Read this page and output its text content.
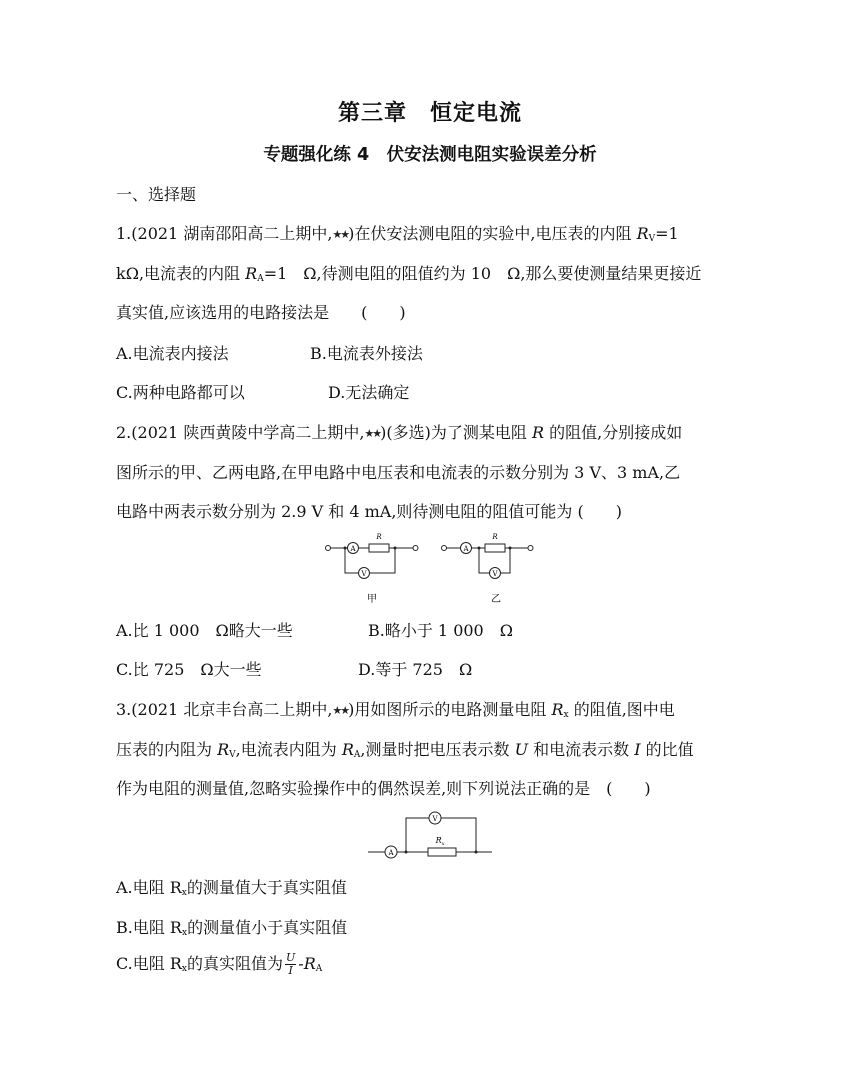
第三章　恒定电流
专题强化练 4　伏安法测电阻实验误差分析
一、选择题
1.(2021 湖南邵阳高二上期中,★★)在伏安法测电阻的实验中,电压表的内阻 $R_V=1$
kΩ,电流表的内阻 $R_A=1$　Ω,待测电阻的阻值约为 10　Ω,那么要使测量结果更接近
真实值,应该选用的电路接法是　　(　　)
A.电流表内接法	B.电流表外接法
C.两种电路都可以	D.无法确定
2.(2021 陕西黄陵中学高二上期中,★★)(多选)为了测某电阻 R 的阻值,分别接成如
图所示的甲、乙两电路,在甲电路中电压表和电流表的示数分别为 3 V、3 mA,乙
电路中两表示数分别为 2.9 V 和 4 mA,则待测电阻的阻值可能为 (　　)
A
R
V
甲
A
R
V
乙
A.比 1 000　Ω略大一些	B.略小于 1 000　Ω
C.比 725　Ω大一些	D.等于 725　Ω
3.(2021 北京丰台高二上期中,★★)用如图所示的电路测量电阻 $R_x$ 的阻值,图中电
压表的内阻为 $R_V$,电流表内阻为 $R_A$,测量时把电压表示数 U 和电流表示数 I 的比值
作为电阻的测量值,忽略实验操作中的偶然误差,则下列说法正确的是　(　　)
A
$R_x$
V
A.电阻 $R_x$的测量值大于真实阻值
B.电阻 $R_x$的测量值小于真实阻值
C.电阻 $R_x$的真实阻值为 $\frac{U}{I} -R_A$
